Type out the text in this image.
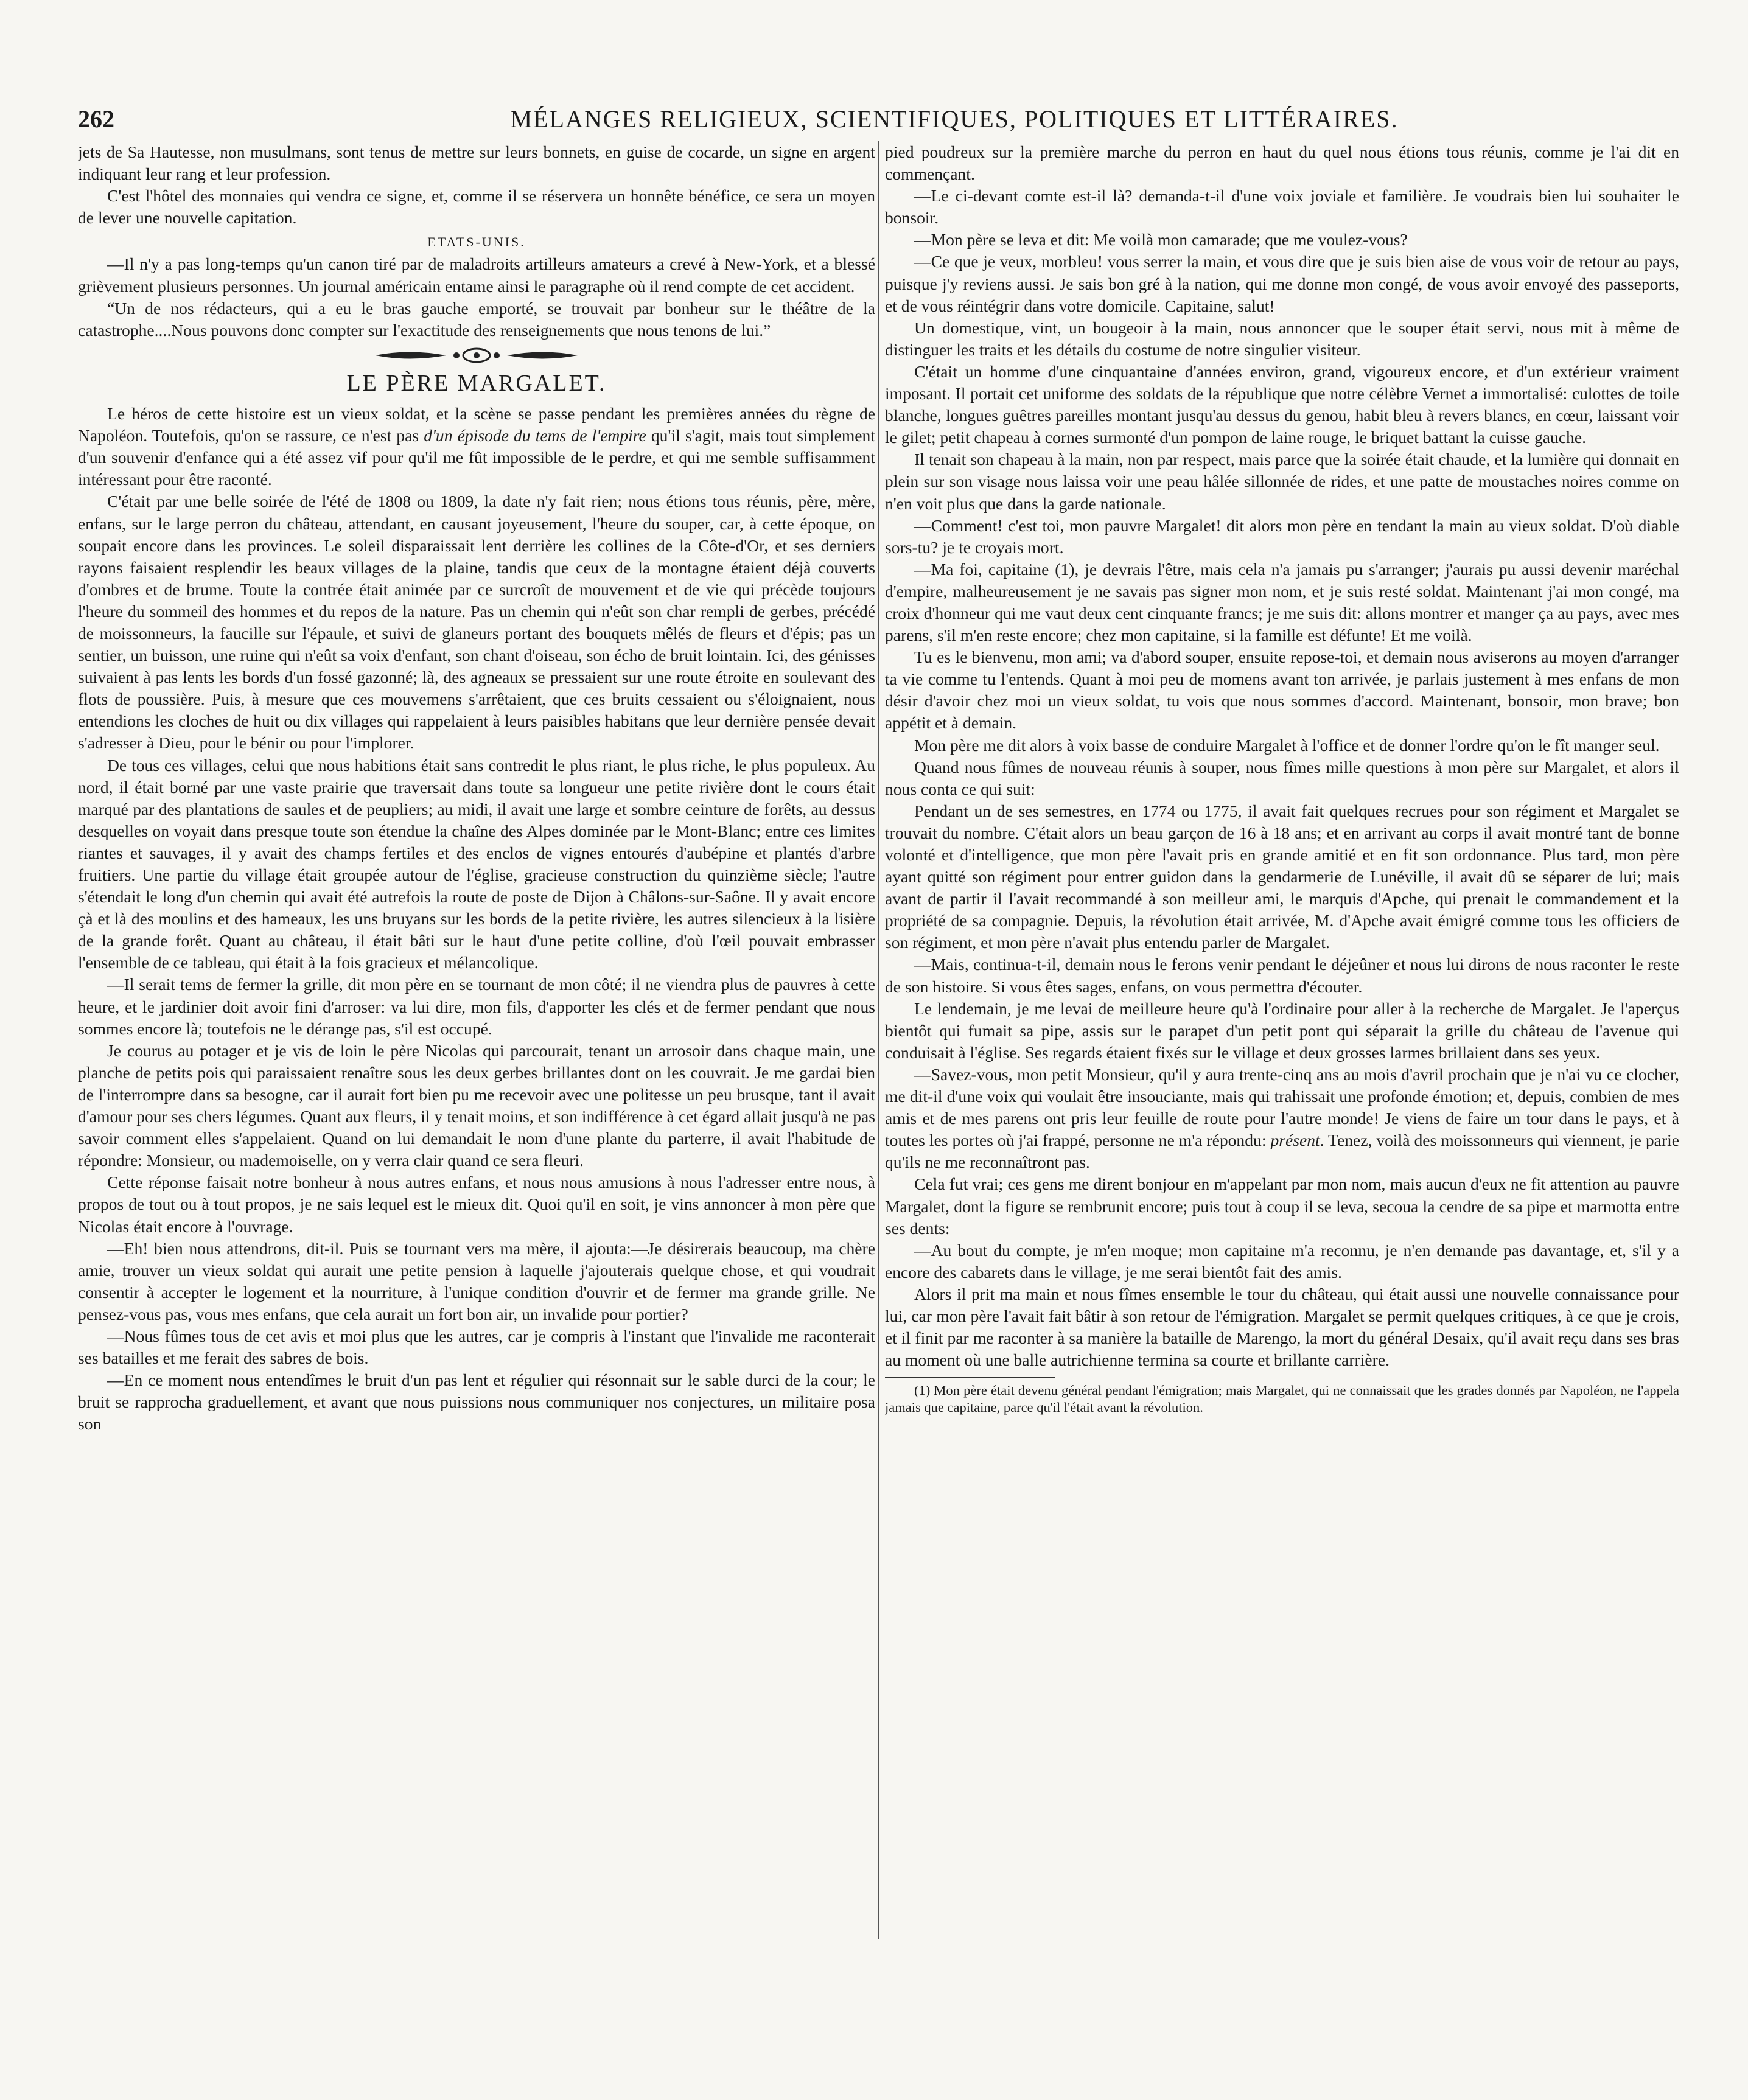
262	MÉLANGES RELIGIEUX, SCIENTIFIQUES, POLITIQUES ET LITTÉRAIRES.

jets de Sa Hautesse, non musulmans, sont tenus de mettre sur leurs bonnets, en guise de cocarde, un signe en argent indiquant leur rang et leur profession.

C'est l'hôtel des monnaies qui vendra ce signe, et, comme il se réservera un honnête bénéfice, ce sera un moyen de lever une nouvelle capitation.

ETATS-UNIS.

—Il n'y a pas long-temps qu'un canon tiré par de maladroits artilleurs amateurs a crevé à New-York, et a blessé grièvement plusieurs personnes. Un journal américain entame ainsi le paragraphe où il rend compte de cet accident.

“Un de nos rédacteurs, qui a eu le bras gauche emporté, se trouvait par bonheur sur le théâtre de la catastrophe....Nous pouvons donc compter sur l'exactitude des renseignements que nous tenons de lui.”

LE PÈRE MARGALET.

Le héros de cette histoire est un vieux soldat, et la scène se passe pendant les premières années du règne de Napoléon. Toutefois, qu'on se rassure, ce n'est pas d'un épisode du tems de l'empire qu'il s'agit, mais tout simplement d'un souvenir d'enfance qui a été assez vif pour qu'il me fût impossible de le perdre, et qui me semble suffisamment intéressant pour être raconté.

C'était par une belle soirée de l'été de 1808 ou 1809, la date n'y fait rien; nous étions tous réunis, père, mère, enfans, sur le large perron du château, attendant, en causant joyeusement, l'heure du souper, car, à cette époque, on soupait encore dans les provinces. Le soleil disparaissait lent derrière les collines de la Côte-d'Or, et ses derniers rayons faisaient resplendir les beaux villages de la plaine, tandis que ceux de la montagne étaient déjà couverts d'ombres et de brume. Toute la contrée était animée par ce surcroît de mouvement et de vie qui précède toujours l'heure du sommeil des hommes et du repos de la nature. Pas un chemin qui n'eût son char rempli de gerbes, précédé de moissonneurs, la faucille sur l'épaule, et suivi de glaneurs portant des bouquets mêlés de fleurs et d'épis; pas un sentier, un buisson, une ruine qui n'eût sa voix d'enfant, son chant d'oiseau, son écho de bruit lointain. Ici, des génisses suivaient à pas lents les bords d'un fossé gazonné; là, des agneaux se pressaient sur une route étroite en soulevant des flots de poussière. Puis, à mesure que ces mouvemens s'arrêtaient, que ces bruits cessaient ou s'éloignaient, nous entendions les cloches de huit ou dix villages qui rappelaient à leurs paisibles habitans que leur dernière pensée devait s'adresser à Dieu, pour le bénir ou pour l'implorer.

De tous ces villages, celui que nous habitions était sans contredit le plus riant, le plus riche, le plus populeux. Au nord, il était borné par une vaste prairie que traversait dans toute sa longueur une petite rivière dont le cours était marqué par des plantations de saules et de peupliers; au midi, il avait une large et sombre ceinture de forêts, au dessus desquelles on voyait dans presque toute son étendue la chaîne des Alpes dominée par le Mont-Blanc; entre ces limites riantes et sauvages, il y avait des champs fertiles et des enclos de vignes entourés d'aubépine et plantés d'arbre fruitiers. Une partie du village était groupée autour de l'église, gracieuse construction du quinzième siècle; l'autre s'étendait le long d'un chemin qui avait été autrefois la route de poste de Dijon à Châlons-sur-Saône. Il y avait encore çà et là des moulins et des hameaux, les uns bruyans sur les bords de la petite rivière, les autres silencieux à la lisière de la grande forêt. Quant au château, il était bâti sur le haut d'une petite colline, d'où l'œil pouvait embrasser l'ensemble de ce tableau, qui était à la fois gracieux et mélancolique.

—Il serait tems de fermer la grille, dit mon père en se tournant de mon côté; il ne viendra plus de pauvres à cette heure, et le jardinier doit avoir fini d'arroser: va lui dire, mon fils, d'apporter les clés et de fermer pendant que nous sommes encore là; toutefois ne le dérange pas, s'il est occupé.

Je courus au potager et je vis de loin le père Nicolas qui parcourait, tenant un arrosoir dans chaque main, une planche de petits pois qui paraissaient renaître sous les deux gerbes brillantes dont on les couvrait. Je me gardai bien de l'interrompre dans sa besogne, car il aurait fort bien pu me recevoir avec une politesse un peu brusque, tant il avait d'amour pour ses chers légumes. Quant aux fleurs, il y tenait moins, et son indifférence à cet égard allait jusqu'à ne pas savoir comment elles s'appelaient. Quand on lui demandait le nom d'une plante du parterre, il avait l'habitude de répondre: Monsieur, ou mademoiselle, on y verra clair quand ce sera fleuri.

Cette réponse faisait notre bonheur à nous autres enfans, et nous nous amusions à nous l'adresser entre nous, à propos de tout ou à tout propos, je ne sais lequel est le mieux dit. Quoi qu'il en soit, je vins annoncer à mon père que Nicolas était encore à l'ouvrage.

—Eh! bien nous attendrons, dit-il. Puis se tournant vers ma mère, il ajouta:—Je désirerais beaucoup, ma chère amie, trouver un vieux soldat qui aurait une petite pension à laquelle j'ajouterais quelque chose, et qui voudrait consentir à accepter le logement et la nourriture, à l'unique condition d'ouvrir et de fermer ma grande grille. Ne pensez-vous pas, vous mes enfans, que cela aurait un fort bon air, un invalide pour portier?

—Nous fûmes tous de cet avis et moi plus que les autres, car je compris à l'instant que l'invalide me raconterait ses batailles et me ferait des sabres de bois.

—En ce moment nous entendîmes le bruit d'un pas lent et régulier qui résonnait sur le sable durci de la cour; le bruit se rapprocha graduellement, et avant que nous puissions nous communiquer nos conjectures, un militaire posa son

pied poudreux sur la première marche du perron en haut du quel nous étions tous réunis, comme je l'ai dit en commençant.

—Le ci-devant comte est-il là? demanda-t-il d'une voix joviale et familière. Je voudrais bien lui souhaiter le bonsoir.

—Mon père se leva et dit: Me voilà mon camarade; que me voulez-vous?

—Ce que je veux, morbleu! vous serrer la main, et vous dire que je suis bien aise de vous voir de retour au pays, puisque j'y reviens aussi. Je sais bon gré à la nation, qui me donne mon congé, de vous avoir envoyé des passeports, et de vous réintégrir dans votre domicile. Capitaine, salut!

Un domestique, vint, un bougeoir à la main, nous annoncer que le souper était servi, nous mit à même de distinguer les traits et les détails du costume de notre singulier visiteur.

C'était un homme d'une cinquantaine d'années environ, grand, vigoureux encore, et d'un extérieur vraiment imposant. Il portait cet uniforme des soldats de la république que notre célèbre Vernet a immortalisé: culottes de toile blanche, longues guêtres pareilles montant jusqu'au dessus du genou, habit bleu à revers blancs, en cœur, laissant voir le gilet; petit chapeau à cornes surmonté d'un pompon de laine rouge, le briquet battant la cuisse gauche.

Il tenait son chapeau à la main, non par respect, mais parce que la soirée était chaude, et la lumière qui donnait en plein sur son visage nous laissa voir une peau hâlée sillonnée de rides, et une patte de moustaches noires comme on n'en voit plus que dans la garde nationale.

—Comment! c'est toi, mon pauvre Margalet! dit alors mon père en tendant la main au vieux soldat. D'où diable sors-tu? je te croyais mort.

—Ma foi, capitaine (1), je devrais l'être, mais cela n'a jamais pu s'arranger; j'aurais pu aussi devenir maréchal d'empire, malheureusement je ne savais pas signer mon nom, et je suis resté soldat. Maintenant j'ai mon congé, ma croix d'honneur qui me vaut deux cent cinquante francs; je me suis dit: allons montrer et manger ça au pays, avec mes parens, s'il m'en reste encore; chez mon capitaine, si la famille est défunte! Et me voilà.

Tu es le bienvenu, mon ami; va d'abord souper, ensuite repose-toi, et demain nous aviserons au moyen d'arranger ta vie comme tu l'entends. Quant à moi peu de momens avant ton arrivée, je parlais justement à mes enfans de mon désir d'avoir chez moi un vieux soldat, tu vois que nous sommes d'accord. Maintenant, bonsoir, mon brave; bon appétit et à demain.

Mon père me dit alors à voix basse de conduire Margalet à l'office et de donner l'ordre qu'on le fît manger seul.

Quand nous fûmes de nouveau réunis à souper, nous fîmes mille questions à mon père sur Margalet, et alors il nous conta ce qui suit:

Pendant un de ses semestres, en 1774 ou 1775, il avait fait quelques recrues pour son régiment et Margalet se trouvait du nombre. C'était alors un beau garçon de 16 à 18 ans; et en arrivant au corps il avait montré tant de bonne volonté et d'intelligence, que mon père l'avait pris en grande amitié et en fit son ordonnance. Plus tard, mon père ayant quitté son régiment pour entrer guidon dans la gendarmerie de Lunéville, il avait dû se séparer de lui; mais avant de partir il l'avait recommandé à son meilleur ami, le marquis d'Apche, qui prenait le commandement et la propriété de sa compagnie. Depuis, la révolution était arrivée, M. d'Apche avait émigré comme tous les officiers de son régiment, et mon père n'avait plus entendu parler de Margalet.

—Mais, continua-t-il, demain nous le ferons venir pendant le déjeûner et nous lui dirons de nous raconter le reste de son histoire. Si vous êtes sages, enfans, on vous permettra d'écouter.

Le lendemain, je me levai de meilleure heure qu'à l'ordinaire pour aller à la recherche de Margalet. Je l'aperçus bientôt qui fumait sa pipe, assis sur le parapet d'un petit pont qui séparait la grille du château de l'avenue qui conduisait à l'église. Ses regards étaient fixés sur le village et deux grosses larmes brillaient dans ses yeux.

—Savez-vous, mon petit Monsieur, qu'il y aura trente-cinq ans au mois d'avril prochain que je n'ai vu ce clocher, me dit-il d'une voix qui voulait être insouciante, mais qui trahissait une profonde émotion; et, depuis, combien de mes amis et de mes parens ont pris leur feuille de route pour l'autre monde! Je viens de faire un tour dans le pays, et à toutes les portes où j'ai frappé, personne ne m'a répondu: présent. Tenez, voilà des moissonneurs qui viennent, je parie qu'ils ne me reconnaîtront pas.

Cela fut vrai; ces gens me dirent bonjour en m'appelant par mon nom, mais aucun d'eux ne fit attention au pauvre Margalet, dont la figure se rembrunit encore; puis tout à coup il se leva, secoua la cendre de sa pipe et marmotta entre ses dents:

—Au bout du compte, je m'en moque; mon capitaine m'a reconnu, je n'en demande pas davantage, et, s'il y a encore des cabarets dans le village, je me serai bientôt fait des amis.

Alors il prit ma main et nous fîmes ensemble le tour du château, qui était aussi une nouvelle connaissance pour lui, car mon père l'avait fait bâtir à son retour de l'émigration. Margalet se permit quelques critiques, à ce que je crois, et il finit par me raconter à sa manière la bataille de Marengo, la mort du général Desaix, qu'il avait reçu dans ses bras au moment où une balle autrichienne termina sa courte et brillante carrière.

(1) Mon père était devenu général pendant l'émigration; mais Margalet, qui ne connaissait que les grades donnés par Napoléon, ne l'appela jamais que capitaine, parce qu'il l'était avant la révolution.
